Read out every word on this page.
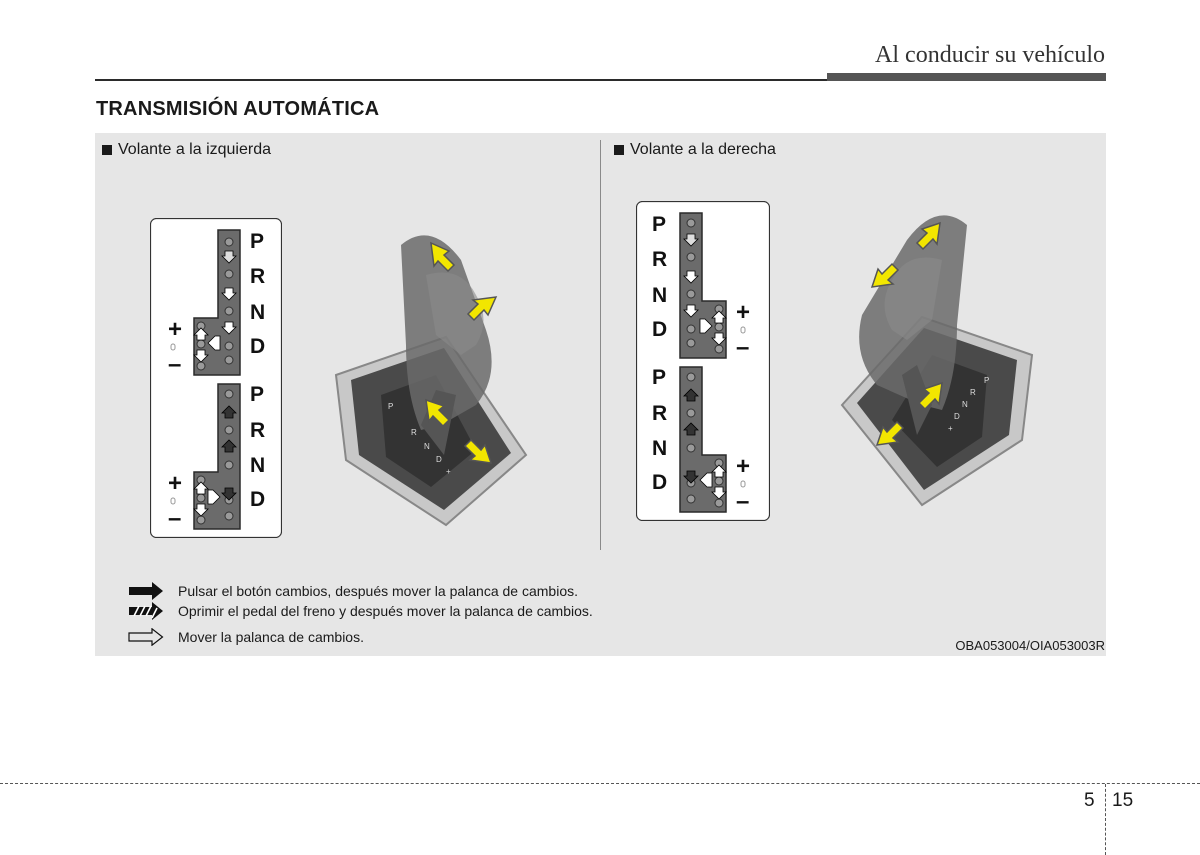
Al conducir su vehículo
TRANSMISIÓN AUTOMÁTICA
Volante a la izquierda	Volante a la derecha
P
R
N
D
P
R
N
D
+
–
+
–
P
R
N
D
+
P
R
N
D
P
R
N
D
+
–
+
–
P
R
N
D
+
Pulsar el botón cambios, después mover la palanca de cambios.
Oprimir el pedal del freno y después mover la palanca de cambios.
Mover la palanca de cambios.
OBA053004/OIA053003R
5 15
